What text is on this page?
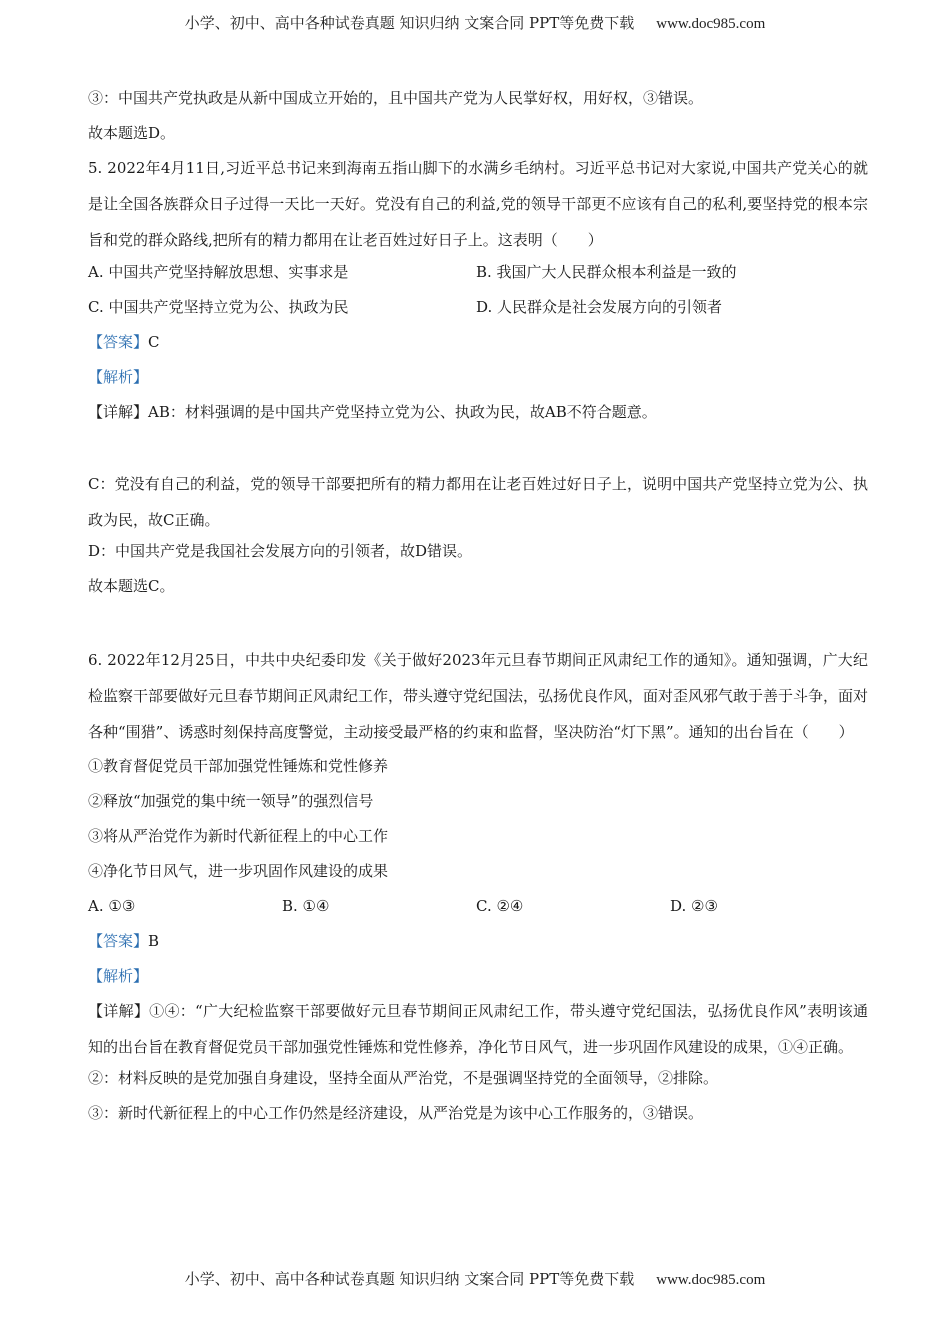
小学、初中、高中各种试卷真题 知识归纳 文案合同 PPT等免费下载 www.doc985.com
③：中国共产党执政是从新中国成立开始的，且中国共产党为人民掌好权，用好权，③错误。
故本题选D。
5. 2022年4月11日,习近平总书记来到海南五指山脚下的水满乡毛纳村。习近平总书记对大家说,中国共产党关心的就是让全国各族群众日子过得一天比一天好。党没有自己的利益,党的领导干部更不应该有自己的私利,要坚持党的根本宗旨和党的群众路线,把所有的精力都用在让老百姓过好日子上。这表明（　　）
A. 中国共产党坚持解放思想、实事求是	B. 我国广大人民群众根本利益是一致的
C. 中国共产党坚持立党为公、执政为民	D. 人民群众是社会发展方向的引领者
【答案】C
【解析】
【详解】AB：材料强调的是中国共产党坚持立党为公、执政为民，故AB不符合题意。
C：党没有自己的利益，党的领导干部要把所有的精力都用在让老百姓过好日子上，说明中国共产党坚持立党为公、执政为民，故C正确。
D：中国共产党是我国社会发展方向的引领者，故D错误。
故本题选C。
6. 2022年12月25日，中共中央纪委印发《关于做好2023年元旦春节期间正风肃纪工作的通知》。通知强调，广大纪检监察干部要做好元旦春节期间正风肃纪工作，带头遵守党纪国法，弘扬优良作风，面对歪风邪气敢于善于斗争，面对各种“围猎”、诱惑时刻保持高度警觉，主动接受最严格的约束和监督，坚决防治“灯下黑”。通知的出台旨在（　　）
①教育督促党员干部加强党性锤炼和党性修养
②释放“加强党的集中统一领导”的强烈信号
③将从严治党作为新时代新征程上的中心工作
④净化节日风气，进一步巩固作风建设的成果
A. ①③	B. ①④	C. ②④	D. ②③
【答案】B
【解析】
【详解】①④：“广大纪检监察干部要做好元旦春节期间正风肃纪工作，带头遵守党纪国法，弘扬优良作风”表明该通知的出台旨在教育督促党员干部加强党性锤炼和党性修养，净化节日风气，进一步巩固作风建设的成果，①④正确。
②：材料反映的是党加强自身建设，坚持全面从严治党，不是强调坚持党的全面领导，②排除。
③：新时代新征程上的中心工作仍然是经济建设，从严治党是为该中心工作服务的，③错误。
小学、初中、高中各种试卷真题 知识归纳 文案合同 PPT等免费下载 www.doc985.com
